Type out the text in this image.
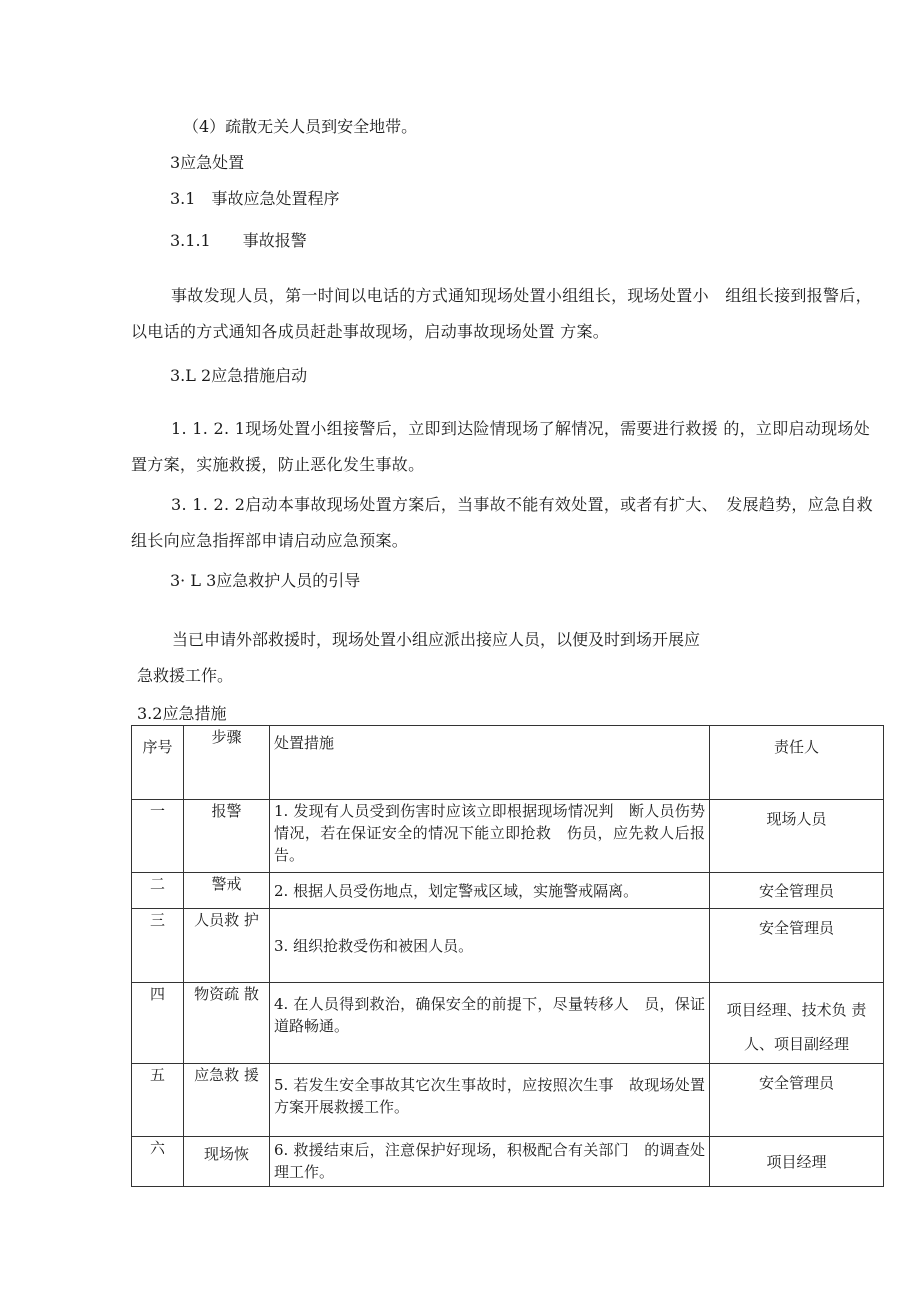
（4）疏散无关人员到安全地带。
3应急处置
3.1　事故应急处置程序
3.1.1　　事故报警
事故发现人员，第一时间以电话的方式通知现场处置小组组长，现场处置小　组组长接到报警后，以电话的方式通知各成员赶赴事故现场，启动事故现场处置 方案。
3.L 2应急措施启动
1. 1. 2. 1现场处置小组接警后，立即到达险情现场了解情况，需要进行救援 的，立即启动现场处置方案，实施救援，防止恶化发生事故。
3. 1. 2. 2启动本事故现场处置方案后，当事故不能有效处置，或者有扩大、　发展趋势，应急自救组长向应急指挥部申请启动应急预案。
3· L 3应急救护人员的引导
当已申请外部救援时，现场处置小组应派出接应人员，以便及时到场开展应
急救援工作。
3.2应急措施
序号	步骤	处置措施	责任人
一	报警	1. 发现有人员受到伤害时应该立即根据现场情况判　断人员伤势情况，若在保证安全的情况下能立即抢救　伤员，应先救人后报告。	现场人员
二	警戒	2. 根据人员受伤地点，划定警戒区域，实施警戒隔离。	安全管理员
三	人员救 护	3. 组织抢救受伤和被困人员。	安全管理员
四	物资疏 散	4. 在人员得到救治，确保安全的前提下，尽量转移人　员，保证道路畅通。	项目经理、技术负 责人、项目副经理
五	应急救 援	5. 若发生安全事故其它次生事故时，应按照次生事　故现场处置方案开展救援工作。	安全管理员
六	现场恢	6. 救援结束后，注意保护好现场，积极配合有关部门　的调查处理工作。	项目经理
